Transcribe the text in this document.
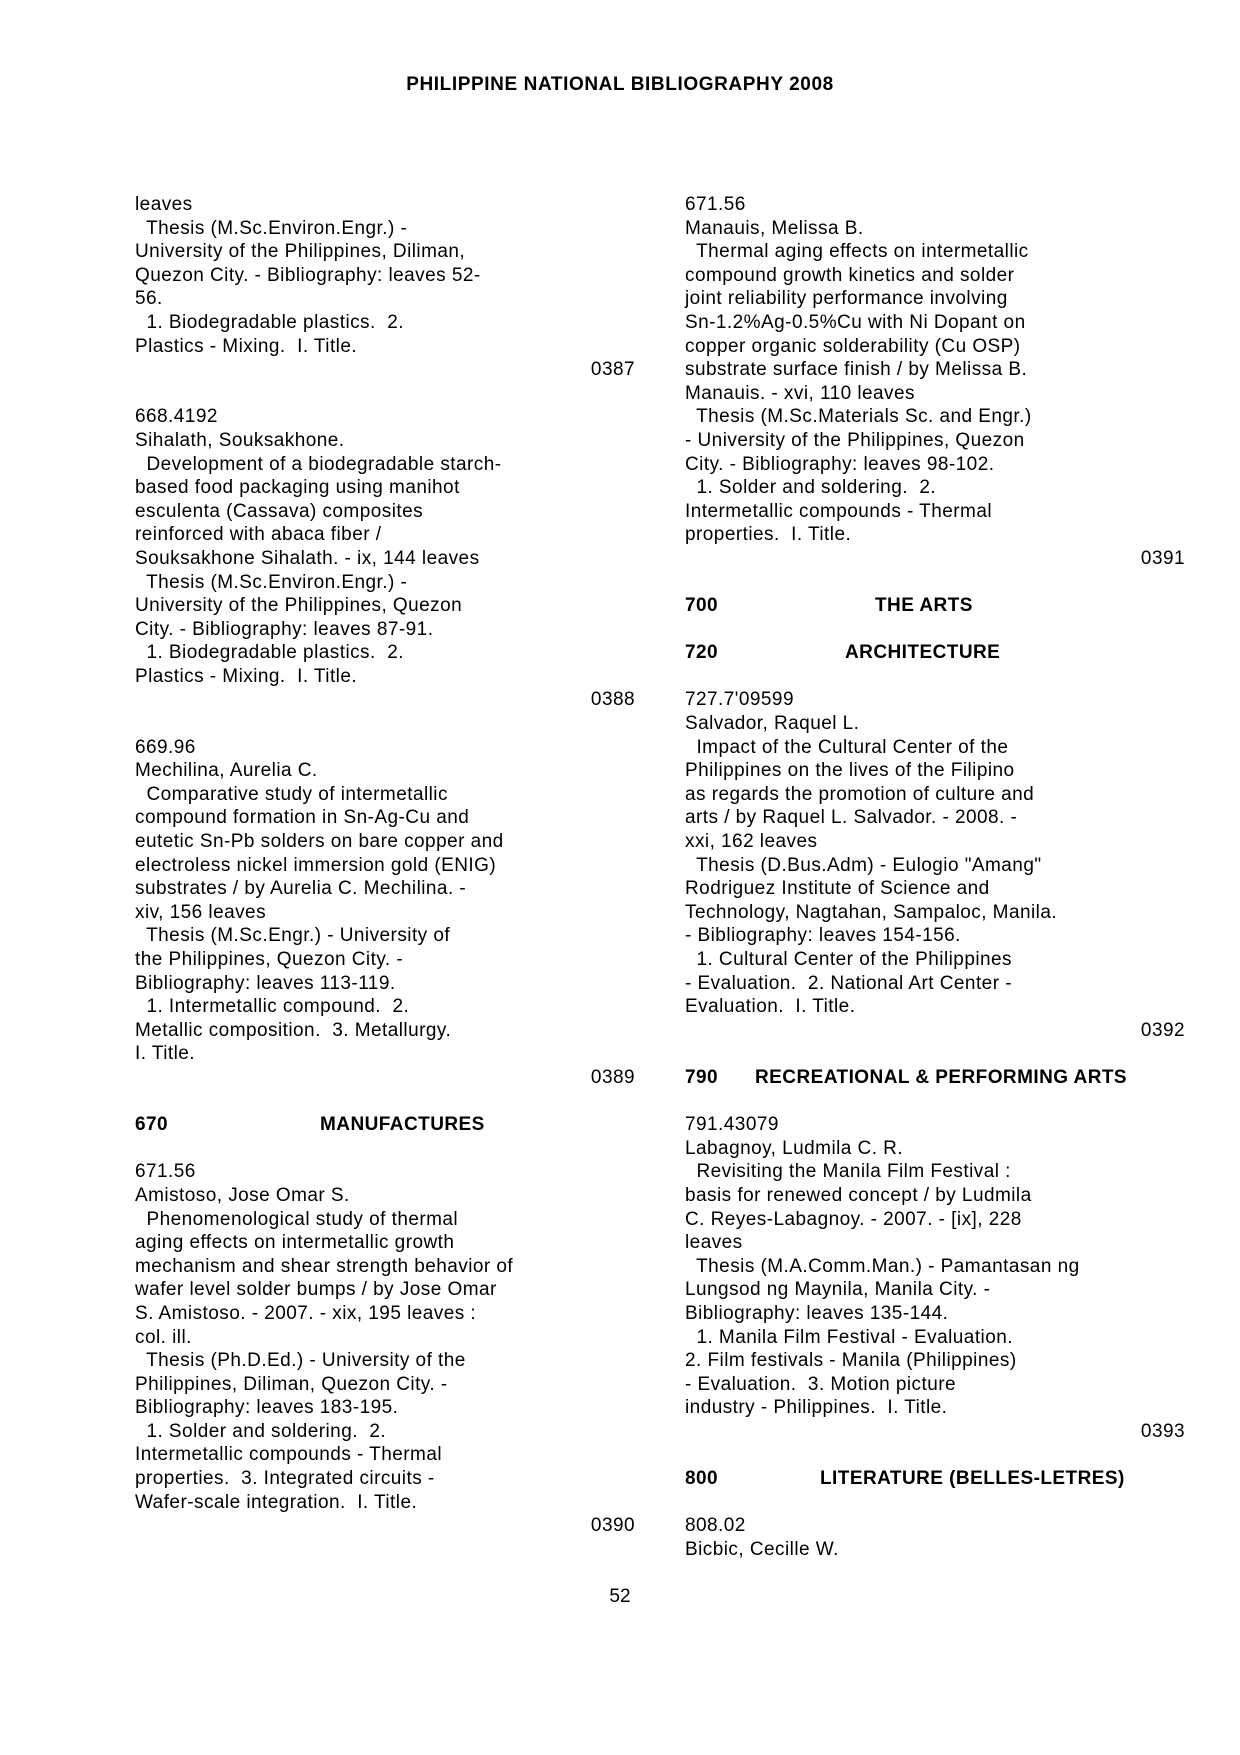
PHILIPPINE NATIONAL BIBLIOGRAPHY 2008
leaves
Thesis (M.Sc.Environ.Engr.) -
University of the Philippines, Diliman,
Quezon City. - Bibliography: leaves 52-
56.
1. Biodegradable plastics.  2.
Plastics - Mixing.  I. Title.
0387
668.4192
Sihalath, Souksakhone.
Development of a biodegradable starch-
based food packaging using manihot
esculenta (Cassava) composites
reinforced with abaca fiber /
Souksakhone Sihalath. - ix, 144 leaves
Thesis (M.Sc.Environ.Engr.) -
University of the Philippines, Quezon
City. - Bibliography: leaves 87-91.
1. Biodegradable plastics.  2.
Plastics - Mixing.  I. Title.
0388
669.96
Mechilina, Aurelia C.
Comparative study of intermetallic
compound formation in Sn-Ag-Cu and
eutetic Sn-Pb solders on bare copper and
electroless nickel immersion gold (ENIG)
substrates / by Aurelia C. Mechilina. -
xiv, 156 leaves
Thesis (M.Sc.Engr.) - University of
the Philippines, Quezon City. -
Bibliography: leaves 113-119.
1. Intermetallic compound.  2.
Metallic composition.  3. Metallurgy.
I. Title.
0389
670	MANUFACTURES
671.56
Amistoso, Jose Omar S.
Phenomenological study of thermal
aging effects on intermetallic growth
mechanism and shear strength behavior of
wafer level solder bumps / by Jose Omar
S. Amistoso. - 2007. - xix, 195 leaves :
col. ill.
Thesis (Ph.D.Ed.) - University of the
Philippines, Diliman, Quezon City. -
Bibliography: leaves 183-195.
1. Solder and soldering.  2.
Intermetallic compounds - Thermal
properties.  3. Integrated circuits -
Wafer-scale integration.  I. Title.
0390
671.56
Manauis, Melissa B.
Thermal aging effects on intermetallic
compound growth kinetics and solder
joint reliability performance involving
Sn-1.2%Ag-0.5%Cu with Ni Dopant on
copper organic solderability (Cu OSP)
substrate surface finish / by Melissa B.
Manauis. - xvi, 110 leaves
Thesis (M.Sc.Materials Sc. and Engr.)
- University of the Philippines, Quezon
City. - Bibliography: leaves 98-102.
1. Solder and soldering.  2.
Intermetallic compounds - Thermal
properties.  I. Title.
0391
700	THE ARTS
720	ARCHITECTURE
727.7'09599
Salvador, Raquel L.
Impact of the Cultural Center of the
Philippines on the lives of the Filipino
as regards the promotion of culture and
arts / by Raquel L. Salvador. - 2008. -
xxi, 162 leaves
Thesis (D.Bus.Adm) - Eulogio "Amang"
Rodriguez Institute of Science and
Technology, Nagtahan, Sampaloc, Manila.
- Bibliography: leaves 154-156.
1. Cultural Center of the Philippines
- Evaluation.  2. National Art Center -
Evaluation.  I. Title.
0392
790 RECREATIONAL & PERFORMING ARTS
791.43079
Labagnoy, Ludmila C. R.
Revisiting the Manila Film Festival :
basis for renewed concept / by Ludmila
C. Reyes-Labagnoy. - 2007. - [ix], 228
leaves
Thesis (M.A.Comm.Man.) - Pamantasan ng
Lungsod ng Maynila, Manila City. -
Bibliography: leaves 135-144.
1. Manila Film Festival - Evaluation.
2. Film festivals - Manila (Philippines)
- Evaluation.  3. Motion picture
industry - Philippines.  I. Title.
0393
800	LITERATURE (BELLES-LETRES)
808.02
Bicbic, Cecille W.
52
